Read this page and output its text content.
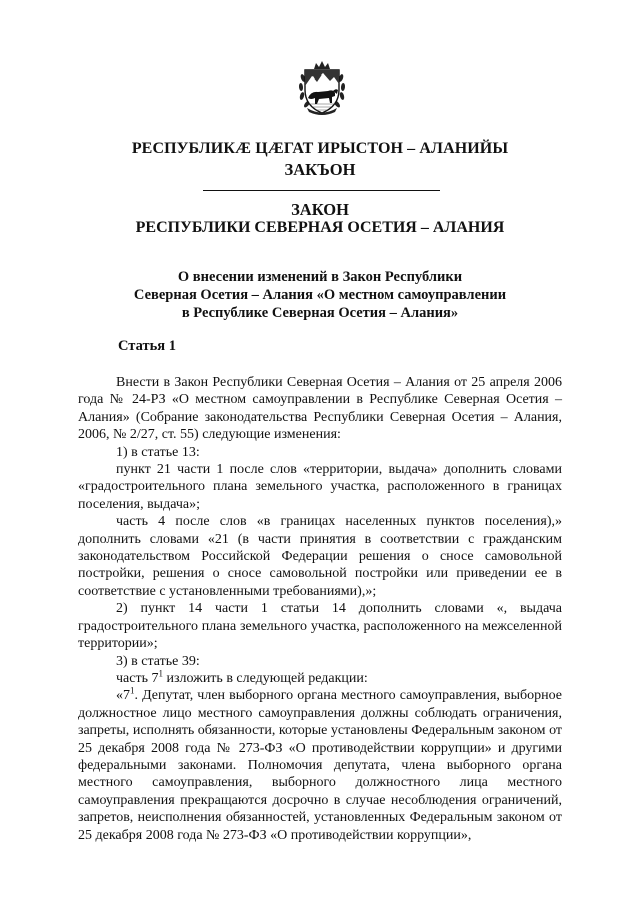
РЕСПУБЛИКӔ ЦӔГАТ ИРЫСТОН – АЛАНИЙЫ
ЗАКЪОН
ЗАКОН
РЕСПУБЛИКИ СЕВЕРНАЯ ОСЕТИЯ – АЛАНИЯ
О внесении изменений в Закон Республики
Северная Осетия – Алания «О местном самоуправлении
в Республике Северная Осетия – Алания»
Статья 1

Внести в Закон Республики Северная Осетия – Алания от 25 апреля 2006 года № 24-РЗ «О местном самоуправлении в Республике Северная Осетия – Алания» (Собрание законодательства Республики Северная Осетия – Алания, 2006, № 2/27, ст. 55) следующие изменения:

1) в статье 13:

пункт 21 части 1 после слов «территории, выдача» дополнить словами «градостроительного плана земельного участка, расположенного в границах поселения, выдача»;

часть 4 после слов «в границах населенных пунктов поселения),» дополнить словами «21 (в части принятия в соответствии с гражданским законодательством Российской Федерации решения о сносе самовольной постройки, решения о сносе самовольной постройки или приведении ее в соответствие с установленными требованиями),»;

2) пункт 14 части 1 статьи 14 дополнить словами «, выдача градостроительного плана земельного участка, расположенного на межселенной территории»;

3) в статье 39:

часть $7^1$ изложить в следующей редакции:

«$7^1$. Депутат, член выборного органа местного самоуправления, выборное должностное лицо местного самоуправления должны соблюдать ограничения, запреты, исполнять обязанности, которые установлены Федеральным законом от 25 декабря 2008 года № 273-ФЗ «О противодействии коррупции» и другими федеральными законами. Полномочия депутата, члена выборного органа местного самоуправления, выборного должностного лица местного самоуправления прекращаются досрочно в случае несоблюдения ограничений, запретов, неисполнения обязанностей, установленных Федеральным законом от 25 декабря 2008 года № 273-ФЗ «О противодействии коррупции»,
